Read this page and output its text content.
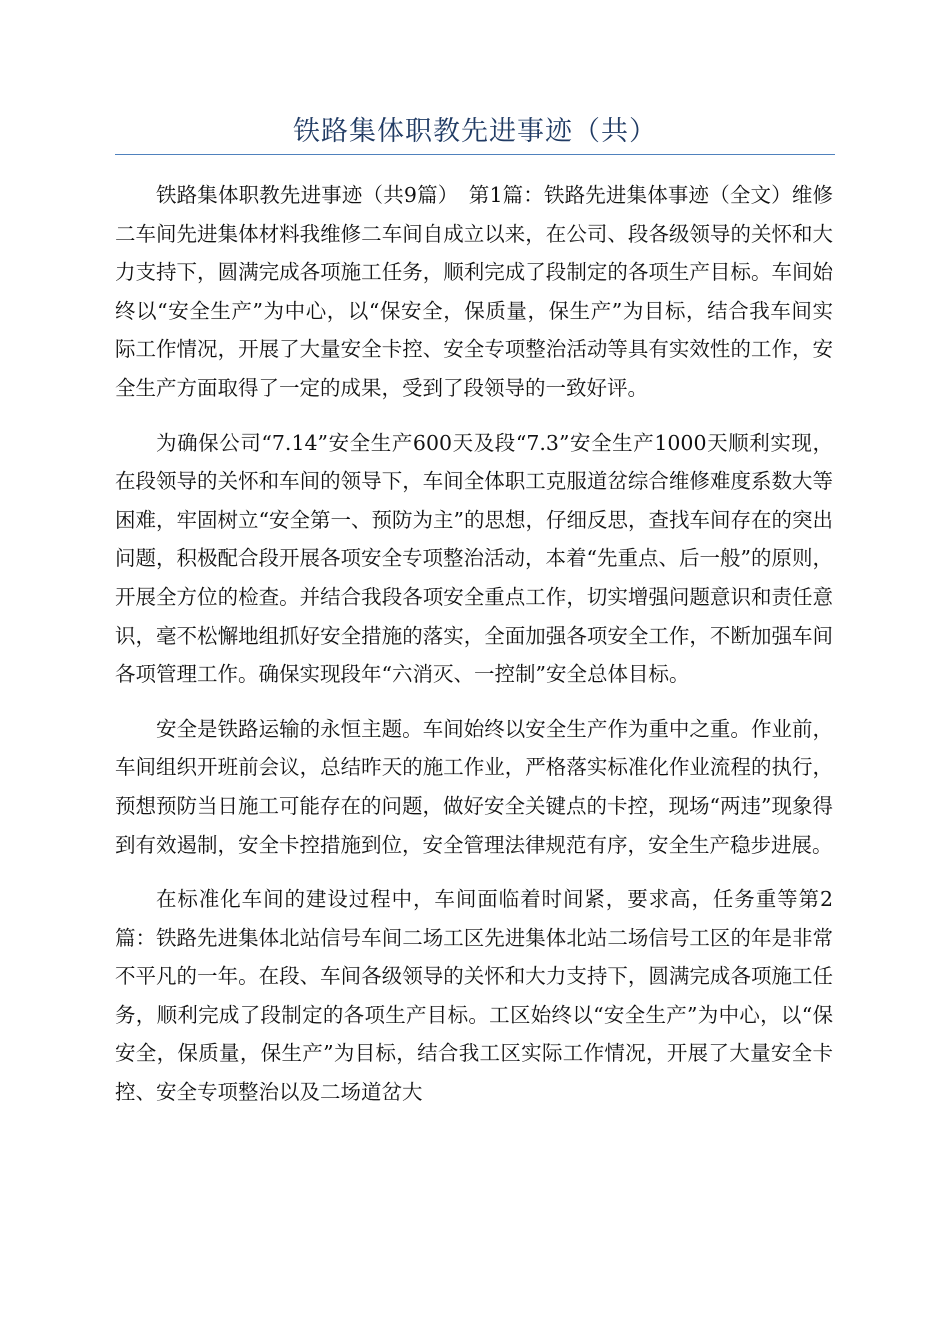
铁路集体职教先进事迹（共）

铁路集体职教先进事迹（共9篇）　第1篇：铁路先进集体事迹（全文）维修二车间先进集体材料我维修二车间自成立以来，在公司、段各级领导的关怀和大力支持下，圆满完成各项施工任务，顺利完成了段制定的各项生产目标。车间始终以“安全生产”为中心，以“保安全，保质量，保生产”为目标，结合我车间实际工作情况，开展了大量安全卡控、安全专项整治活动等具有实效性的工作，安全生产方面取得了一定的成果，受到了段领导的一致好评。

为确保公司“7.14”安全生产600天及段“7.3”安全生产1000天顺利实现，在段领导的关怀和车间的领导下，车间全体职工克服道岔综合维修难度系数大等困难，牢固树立“安全第一、预防为主”的思想，仔细反思，查找车间存在的突出问题，积极配合段开展各项安全专项整治活动，本着“先重点、后一般”的原则，开展全方位的检查。并结合我段各项安全重点工作，切实增强问题意识和责任意识，毫不松懈地组抓好安全措施的落实，全面加强各项安全工作，不断加强车间各项管理工作。确保实现段年“六消灭、一控制”安全总体目标。

安全是铁路运输的永恒主题。车间始终以安全生产作为重中之重。作业前，车间组织开班前会议，总结昨天的施工作业，严格落实标准化作业流程的执行，预想预防当日施工可能存在的问题，做好安全关键点的卡控，现场“两违”现象得到有效遏制，安全卡控措施到位，安全管理法律规范有序，安全生产稳步进展。

在标准化车间的建设过程中，车间面临着时间紧，要求高，任务重等第2篇：铁路先进集体北站信号车间二场工区先进集体北站二场信号工区的年是非常不平凡的一年。在段、车间各级领导的关怀和大力支持下，圆满完成各项施工任务，顺利完成了段制定的各项生产目标。工区始终以“安全生产”为中心，以“保安全，保质量，保生产”为目标，结合我工区实际工作情况，开展了大量安全卡控、安全专项整治以及二场道岔大
